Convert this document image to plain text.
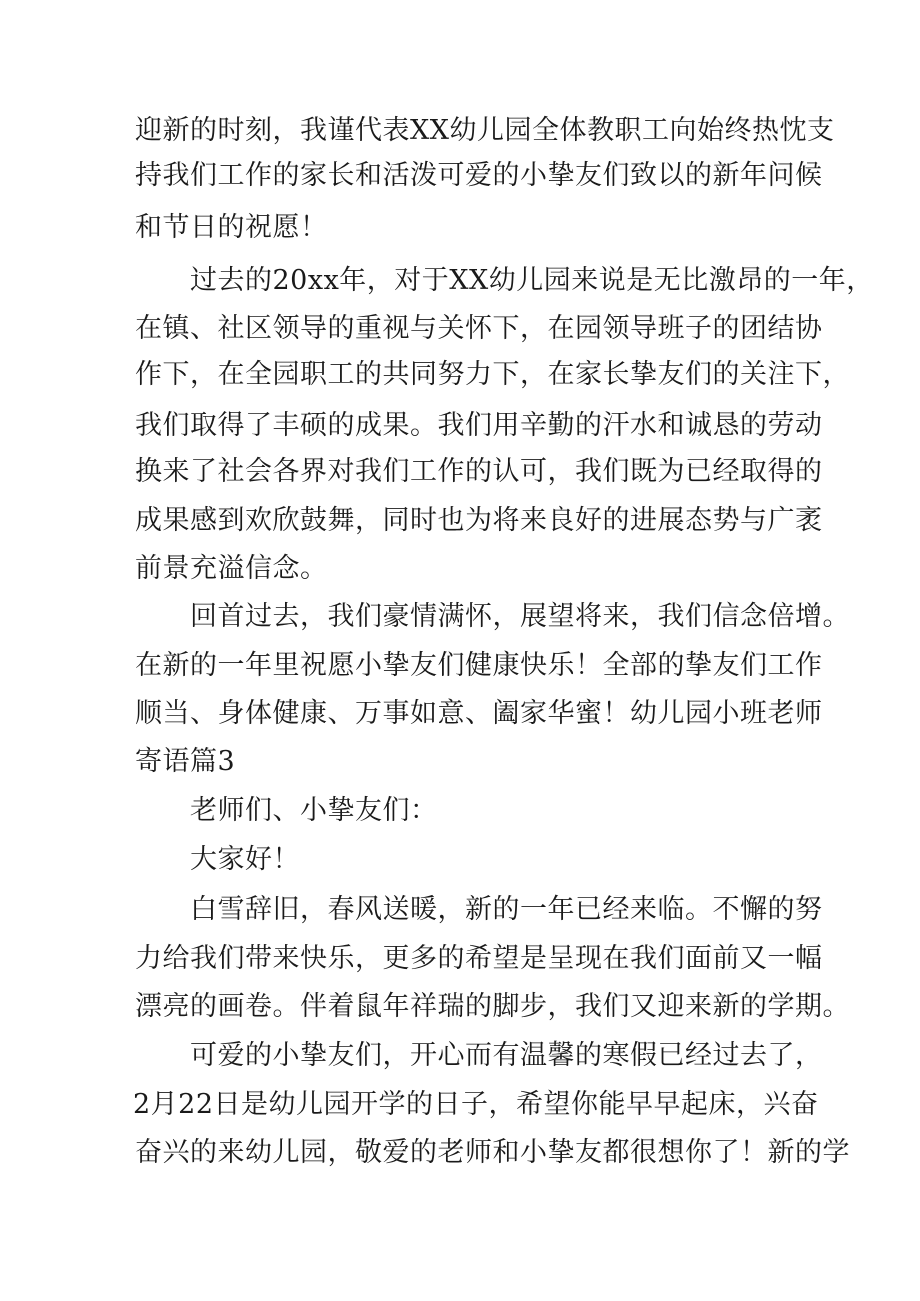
迎新的时刻，我谨代表XX幼儿园全体教职工向始终热忱支
持我们工作的家长和活泼可爱的小挚友们致以的新年问候
和节日的祝愿！
过去的20xx年，对于XX幼儿园来说是无比激昂的一年，
在镇、社区领导的重视与关怀下，在园领导班子的团结协
作下，在全园职工的共同努力下，在家长挚友们的关注下，
我们取得了丰硕的成果。我们用辛勤的汗水和诚恳的劳动
换来了社会各界对我们工作的认可，我们既为已经取得的
成果感到欢欣鼓舞，同时也为将来良好的进展态势与广袤
前景充溢信念。
回首过去，我们豪情满怀，展望将来，我们信念倍增。
在新的一年里祝愿小挚友们健康快乐！全部的挚友们工作
顺当、身体健康、万事如意、阖家华蜜！幼儿园小班老师
寄语篇3
老师们、小挚友们：
大家好！
白雪辞旧，春风送暖，新的一年已经来临。不懈的努
力给我们带来快乐，更多的希望是呈现在我们面前又一幅
漂亮的画卷。伴着鼠年祥瑞的脚步，我们又迎来新的学期。
可爱的小挚友们，开心而有温馨的寒假已经过去了，
2月22日是幼儿园开学的日子，希望你能早早起床，兴奋
奋兴的来幼儿园，敬爱的老师和小挚友都很想你了！新的学
